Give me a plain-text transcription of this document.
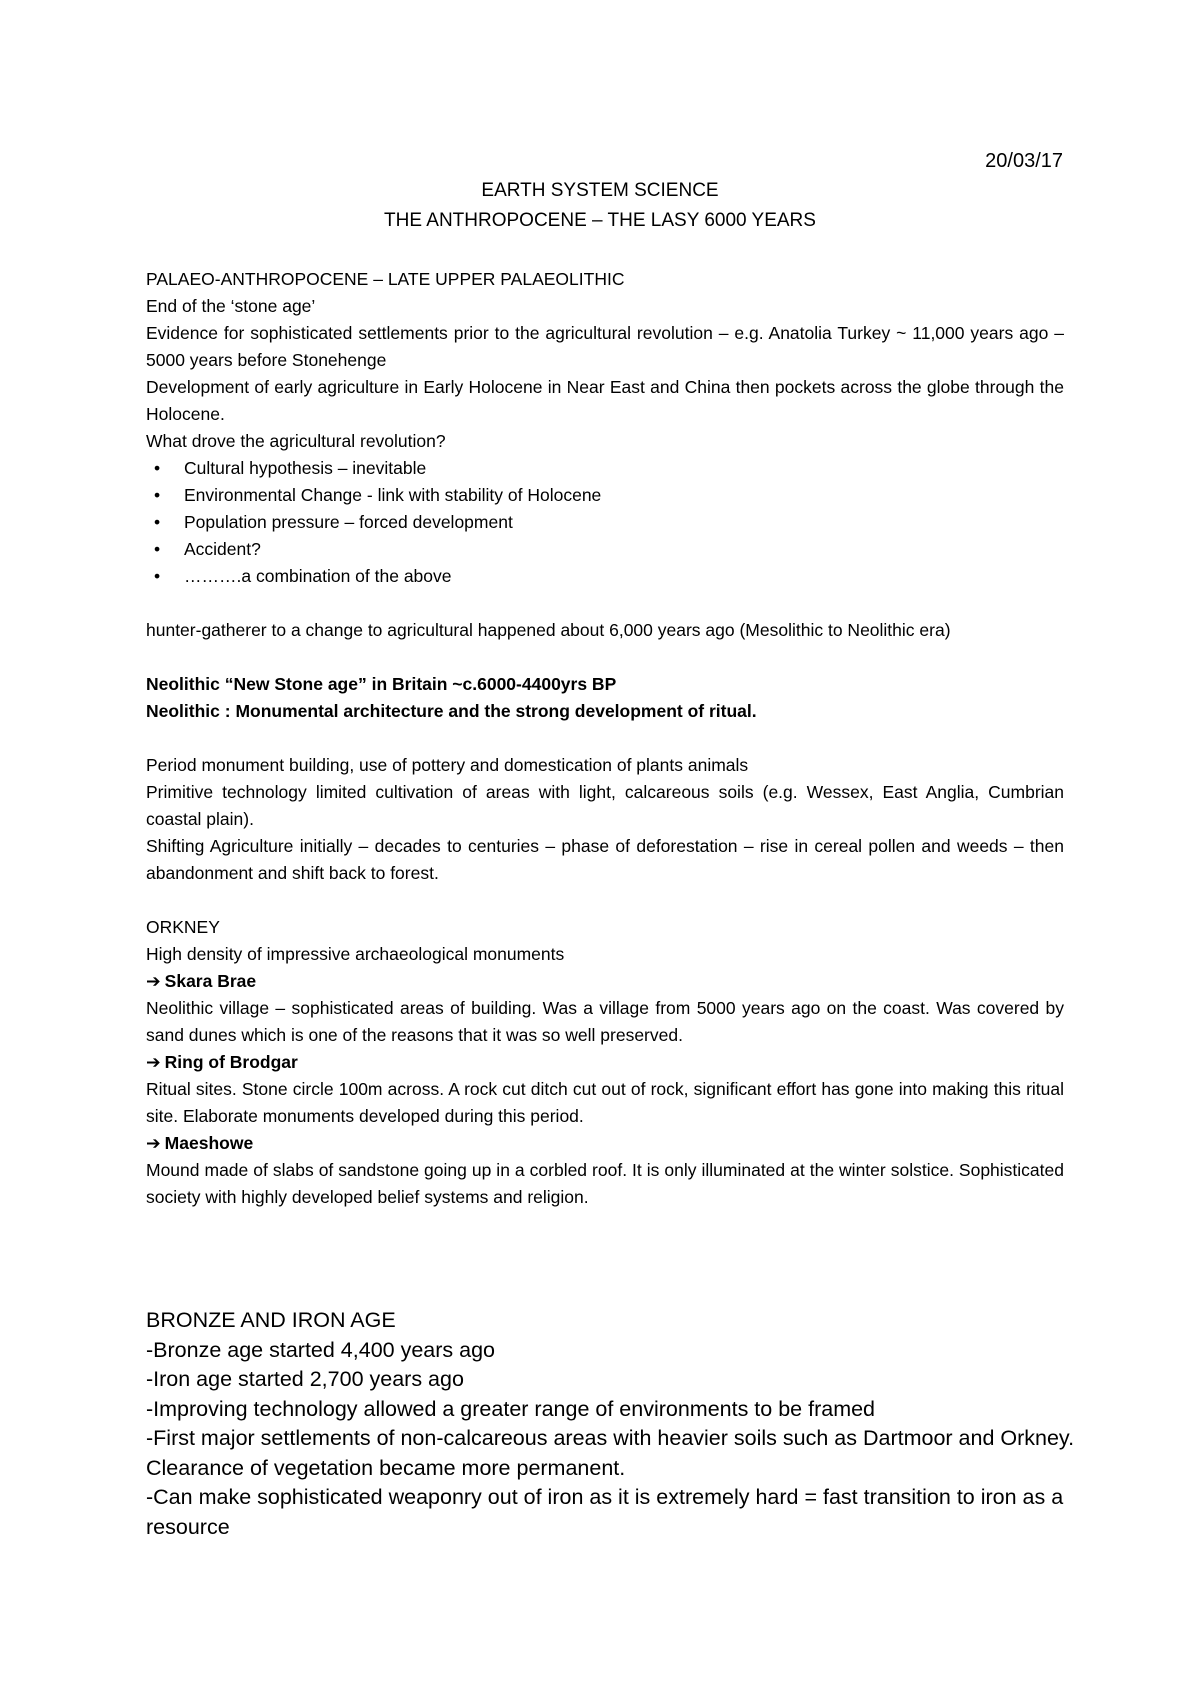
20/03/17
EARTH SYSTEM SCIENCE
THE ANTHROPOCENE – THE LASY 6000 YEARS

PALAEO-ANTHROPOCENE – LATE UPPER PALAEOLITHIC

End of the ‘stone age’

Evidence for sophisticated settlements prior to the agricultural revolution – e.g. Anatolia Turkey ~ 11,000 years ago – 5000 years before Stonehenge

Development of early agriculture in Early Holocene in Near East and China then pockets across the globe through the Holocene.

What drove the agricultural revolution?

• Cultural hypothesis – inevitable
• Environmental Change - link with stability of Holocene
• Population pressure – forced development
• Accident?
• ……….a combination of the above

hunter-gatherer to a change to agricultural happened about 6,000 years ago (Mesolithic to Neolithic era)

Neolithic “New Stone age” in Britain ~c.6000-4400yrs BP

Neolithic : Monumental architecture and the strong development of ritual.

Period monument building, use of pottery and domestication of plants animals

Primitive technology limited cultivation of areas with light, calcareous soils (e.g. Wessex, East Anglia, Cumbrian coastal plain).

Shifting Agriculture initially – decades to centuries – phase of deforestation – rise in cereal pollen and weeds – then abandonment and shift back to forest.

ORKNEY

High density of impressive archaeological monuments

➔ Skara Brae

Neolithic village – sophisticated areas of building. Was a village from 5000 years ago on the coast. Was covered by sand dunes which is one of the reasons that it was so well preserved.

➔ Ring of Brodgar

Ritual sites. Stone circle 100m across. A rock cut ditch cut out of rock, significant effort has gone into making this ritual site. Elaborate monuments developed during this period.

➔ Maeshowe

Mound made of slabs of sandstone going up in a corbled roof. It is only illuminated at the winter solstice. Sophisticated society with highly developed belief systems and religion.

BRONZE AND IRON AGE

-Bronze age started 4,400 years ago

-Iron age started 2,700 years ago

-Improving technology allowed a greater range of environments to be framed

-First major settlements of non-calcareous areas with heavier soils such as Dartmoor and Orkney. Clearance of vegetation became more permanent.

-Can make sophisticated weaponry out of iron as it is extremely hard = fast transition to iron as a resource
